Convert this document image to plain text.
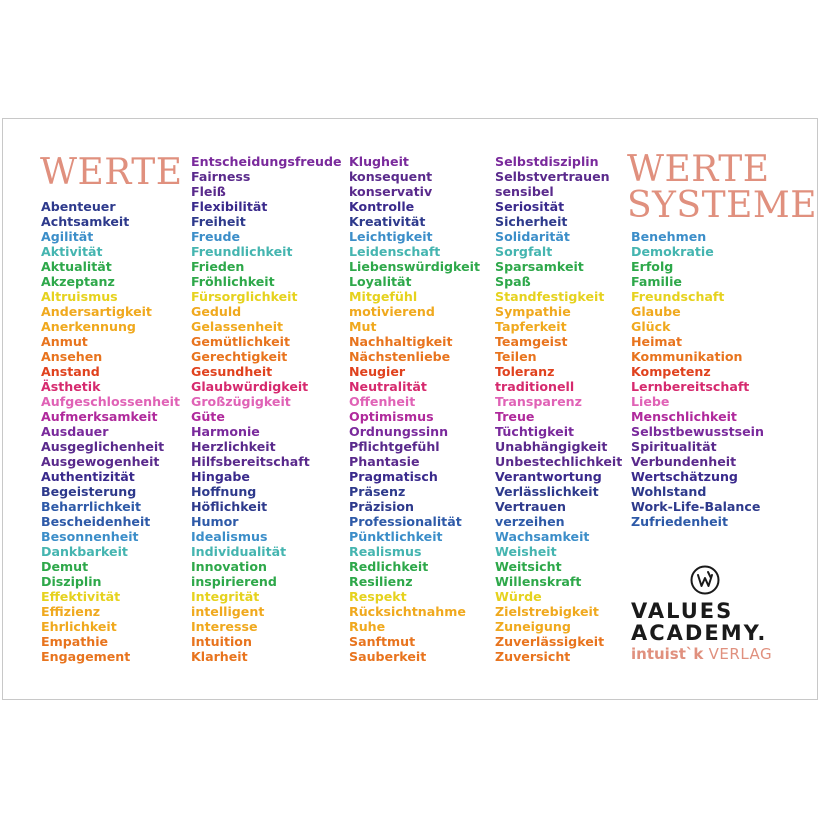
WERTE	WERTE
SYSTEME
Abenteuer
Achtsamkeit
Agilität
Aktivität
Aktualität
Akzeptanz
Altruismus
Andersartigkeit
Anerkennung
Anmut
Ansehen
Anstand
Ästhetik
Aufgeschlossenheit
Aufmerksamkeit
Ausdauer
Ausgeglichenheit
Ausgewogenheit
Authentizität
Begeisterung
Beharrlichkeit
Bescheidenheit
Besonnenheit
Dankbarkeit
Demut
Disziplin
Effektivität
Effizienz
Ehrlichkeit
Empathie
Engagement
Entscheidungsfreude
Fairness
Fleiß
Flexibilität
Freiheit
Freude
Freundlichkeit
Frieden
Fröhlichkeit
Fürsorglichkeit
Geduld
Gelassenheit
Gemütlichkeit
Gerechtigkeit
Gesundheit
Glaubwürdigkeit
Großzügigkeit
Güte
Harmonie
Herzlichkeit
Hilfsbereitschaft
Hingabe
Hoffnung
Höflichkeit
Humor
Idealismus
Individualität
Innovation
inspirierend
Integrität
intelligent
Interesse
Intuition
Klarheit
Klugheit
konsequent
konservativ
Kontrolle
Kreativität
Leichtigkeit
Leidenschaft
Liebenswürdigkeit
Loyalität
Mitgefühl
motivierend
Mut
Nachhaltigkeit
Nächstenliebe
Neugier
Neutralität
Offenheit
Optimismus
Ordnungssinn
Pflichtgefühl
Phantasie
Pragmatisch
Präsenz
Präzision
Professionalität
Pünktlichkeit
Realismus
Redlichkeit
Resilienz
Respekt
Rücksichtnahme
Ruhe
Sanftmut
Sauberkeit
Selbstdisziplin
Selbstvertrauen
sensibel
Seriosität
Sicherheit
Solidarität
Sorgfalt
Sparsamkeit
Spaß
Standfestigkeit
Sympathie
Tapferkeit
Teamgeist
Teilen
Toleranz
traditionell
Transparenz
Treue
Tüchtigkeit
Unabhängigkeit
Unbestechlichkeit
Verantwortung
Verlässlichkeit
Vertrauen
verzeihen
Wachsamkeit
Weisheit
Weitsicht
Willenskraft
Würde
Zielstrebigkeit
Zuneigung
Zuverlässigkeit
Zuversicht
Benehmen
Demokratie
Erfolg
Familie
Freundschaft
Glaube
Glück
Heimat
Kommunikation
Kompetenz
Lernbereitschaft
Liebe
Menschlichkeit
Selbstbewusstsein
Spiritualität
Verbundenheit
Wertschätzung
Wohlstand
Work-Life-Balance
Zufriedenheit
VALUES
ACADEMY.
intuist`k VERLAG
